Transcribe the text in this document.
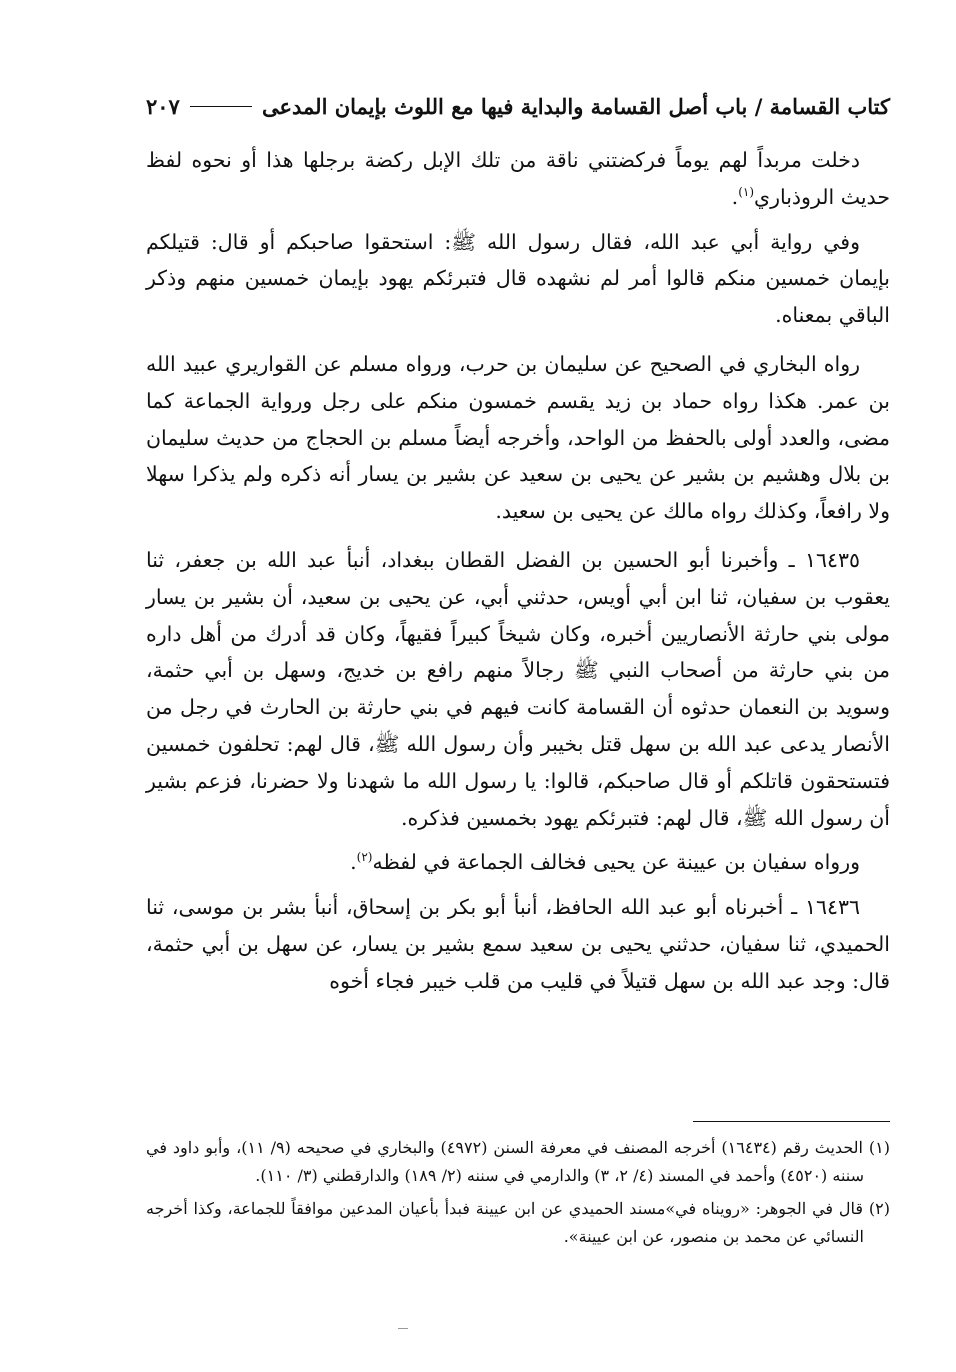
كتاب القسامة / باب أصل القسامة والبداية فيها مع اللوث بإيمان المدعى
٢٠٧

دخلت مربداً لهم يوماً فركضتني ناقة من تلك الإبل ركضة برجلها هذا أو نحوه لفظ حديث الروذباري$^{(١)}$.

وفي رواية أبي عبد الله، فقال رسول الله ﷺ: استحقوا صاحبكم أو قال: قتيلكم بإيمان خمسين منكم قالوا أمر لم نشهده قال فتبرئكم يهود بإيمان خمسين منهم وذكر الباقي بمعناه.

رواه البخاري في الصحيح عن سليمان بن حرب، ورواه مسلم عن القواريري عبيد الله بن عمر. هكذا رواه حماد بن زيد يقسم خمسون منكم على رجل ورواية الجماعة كما مضى، والعدد أولى بالحفظ من الواحد، وأخرجه أيضاً مسلم بن الحجاج من حديث سليمان بن بلال وهشيم بن بشير عن يحيى بن سعيد عن بشير بن يسار أنه ذكره ولم يذكرا سهلا ولا رافعاً، وكذلك رواه مالك عن يحيى بن سعيد.

١٦٤٣٥ ـ وأخبرنا أبو الحسين بن الفضل القطان ببغداد، أنبأ عبد الله بن جعفر، ثنا يعقوب بن سفيان، ثنا ابن أبي أويس، حدثني أبي، عن يحيى بن سعيد، أن بشير بن يسار مولى بني حارثة الأنصاريين أخبره، وكان شيخاً كبيراً فقيهاً، وكان قد أدرك من أهل داره من بني حارثة من أصحاب النبي ﷺ رجالاً منهم رافع بن خديج، وسهل بن أبي حثمة، وسويد بن النعمان حدثوه أن القسامة كانت فيهم في بني حارثة بن الحارث في رجل من الأنصار يدعى عبد الله بن سهل قتل بخيبر وأن رسول الله ﷺ، قال لهم: تحلفون خمسين فتستحقون قاتلكم أو قال صاحبكم، قالوا: يا رسول الله ما شهدنا ولا حضرنا، فزعم بشير أن رسول الله ﷺ، قال لهم: فتبرئكم يهود بخمسين فذكره.

ورواه سفيان بن عيينة عن يحيى فخالف الجماعة في لفظه$^{(٢)}$.

١٦٤٣٦ ـ أخبرناه أبو عبد الله الحافظ، أنبأ أبو بكر بن إسحاق، أنبأ بشر بن موسى، ثنا الحميدي، ثنا سفيان، حدثني يحيى بن سعيد سمع بشير بن يسار، عن سهل بن أبي حثمة، قال: وجد عبد الله بن سهل قتيلاً في قليب من قلب خيبر فجاء أخوه

(١) الحديث رقم (١٦٤٣٤) أخرجه المصنف في معرفة السنن (٤٩٧٢) والبخاري في صحيحه (٩/ ١١)، وأبو داود في سننه (٤٥٢٠) وأحمد في المسند (٤/ ٢، ٣) والدارمي في سننه (٢/ ١٨٩) والدارقطني (٣/ ١١٠).

(٢) قال في الجوهر: «رويناه في»مسند الحميدي عن ابن عيينة فبدأ بأعيان المدعين موافقاً للجماعة، وكذا أخرجه النسائي عن محمد بن منصور، عن ابن عيينة».
